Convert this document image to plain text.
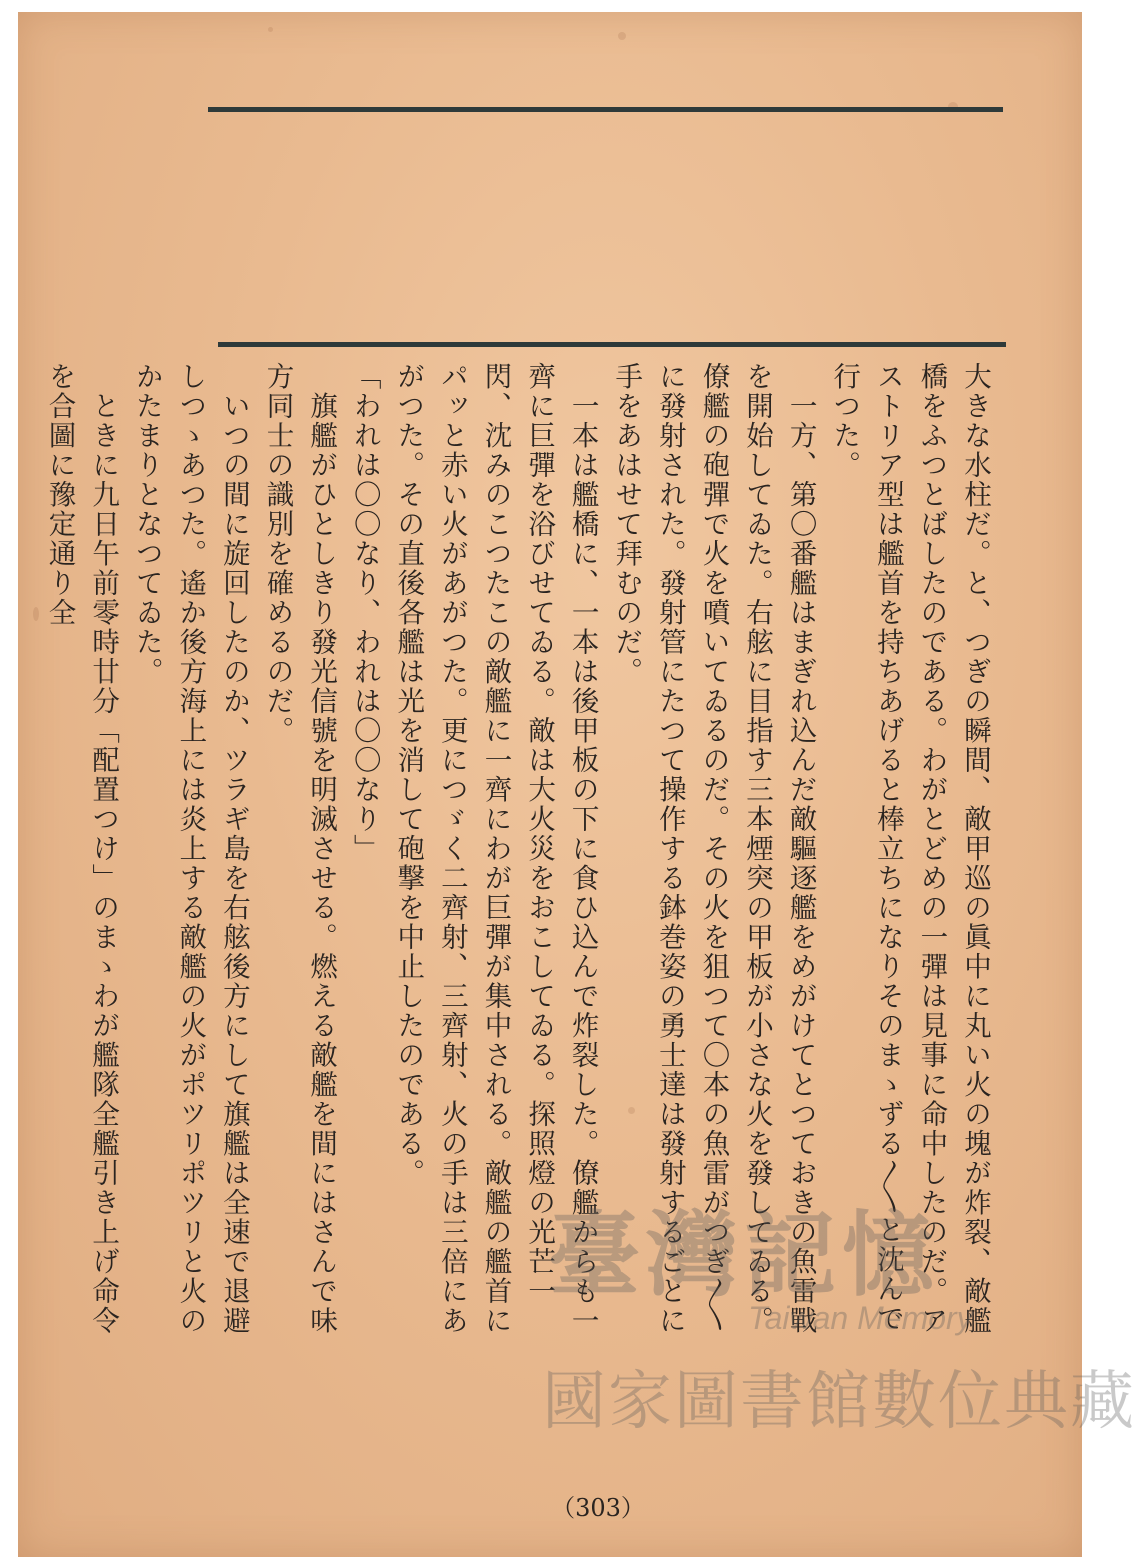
大きな水柱だ。と、つぎの瞬間、敵甲巡の眞中に丸い火の塊が炸裂、敵艦橋をふつとばしたのである。わがとどめの一彈は見事に命中したのだ。アストリア型は艦首を持ちあげると棒立ちになりそのまゝずる〳〵と沈んで行つた。

　一方、第〇番艦はまぎれ込んだ敵驅逐艦をめがけてとつておきの魚雷戰を開始してゐた。右舷に目指す三本煙突の甲板が小さな火を發してゐる。僚艦の砲彈で火を噴いてゐるのだ。その火を狙つて〇本の魚雷がつぎ〳〵に發射された。發射管にたつて操作する鉢巻姿の勇士達は發射するごとに手をあはせて拜むのだ。

　一本は艦橋に、一本は後甲板の下に食ひ込んで炸裂した。僚艦からも一齊に巨彈を浴びせてゐる。敵は大火災をおこしてゐる。探照燈の光芒一閃、沈みのこつたこの敵艦に一齊にわが巨彈が集中される。敵艦の艦首にパッと赤い火があがつた。更につゞく二齊射、三齊射、火の手は三倍にあがつた。その直後各艦は光を消して砲撃を中止したのである。

「われは〇〇なり、われは〇〇なり」

　旗艦がひとしきり發光信號を明滅させる。燃える敵艦を間にはさんで味方同士の識別を確めるのだ。

　いつの間に旋回したのか、ツラギ島を右舷後方にして旗艦は全速で退避しつゝあつた。遙か後方海上には炎上する敵艦の火がポツリポツリと火のかたまりとなつてゐた。

　ときに九日午前零時廿分「配置つけ」のまゝわが艦隊全艦引き上げ命令を合圖に豫定通り全

臺灣記憶
Taiwan Memory
國家圖書館數位典藏
（303）
